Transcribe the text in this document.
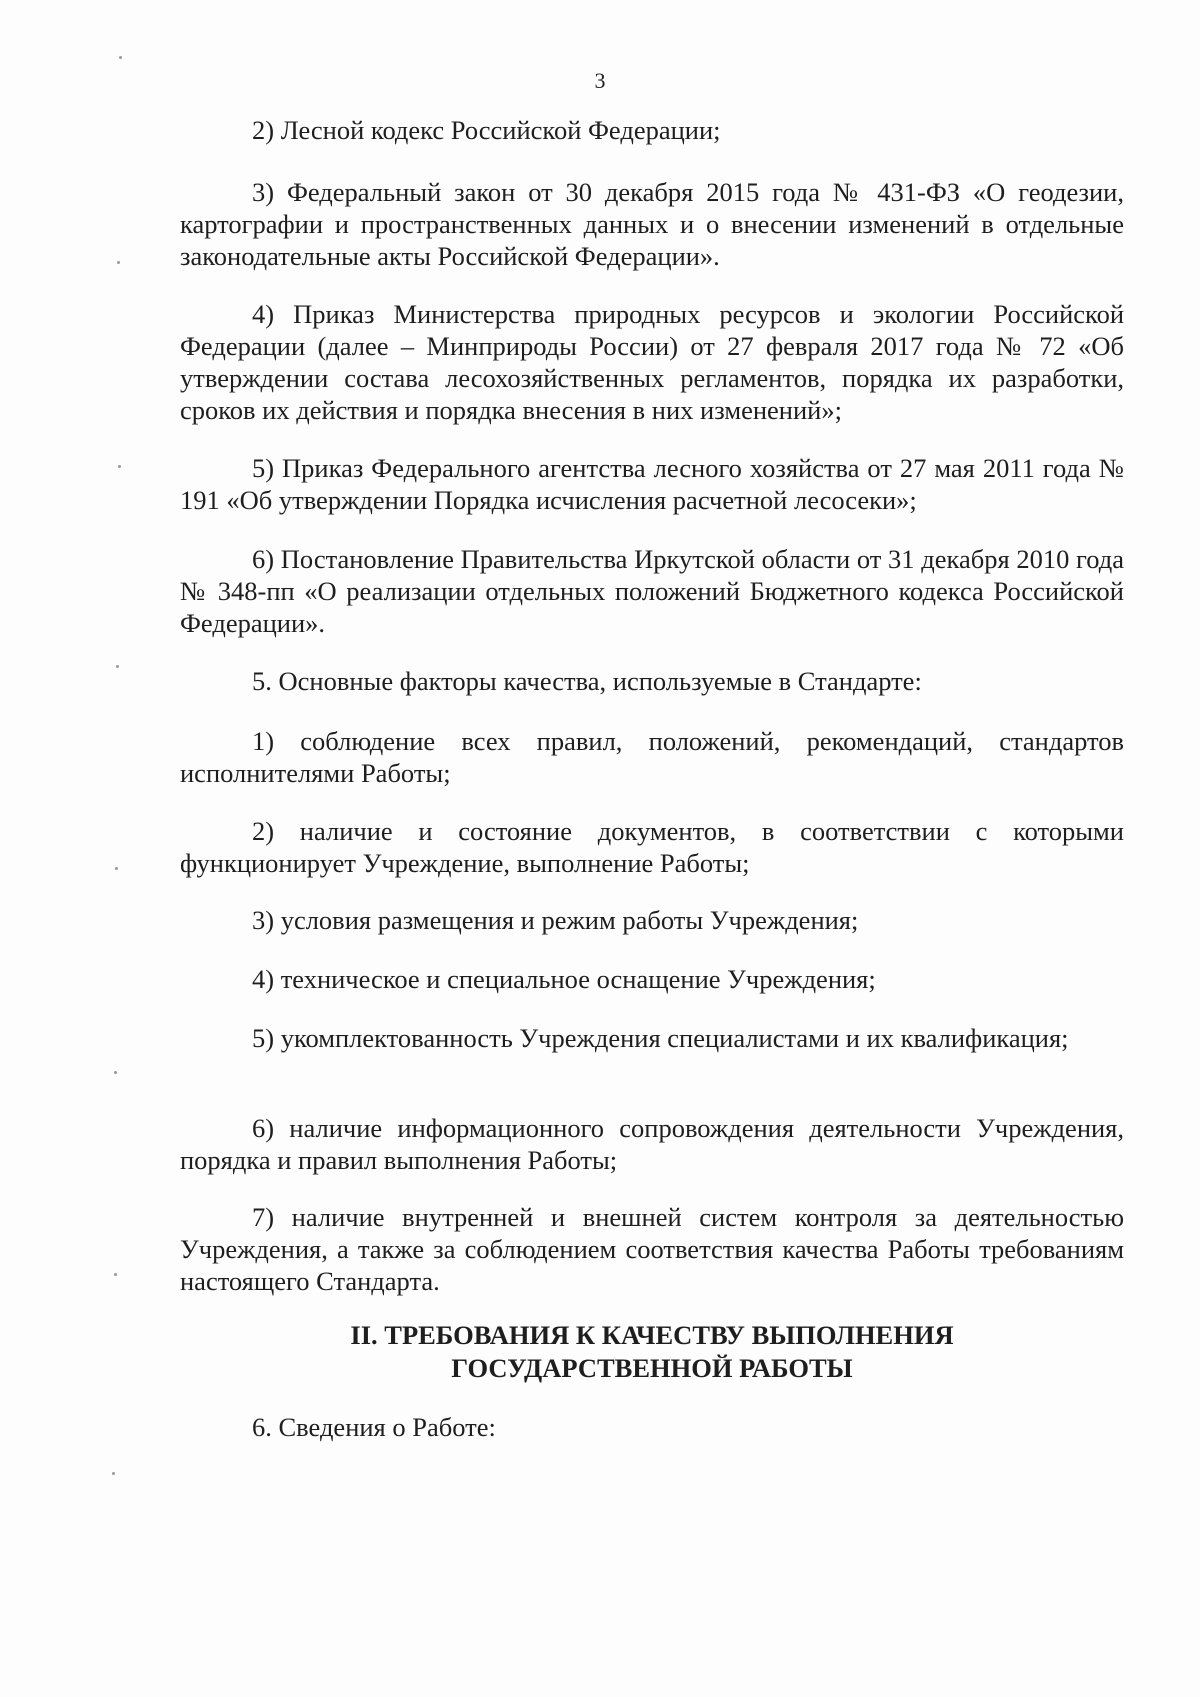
3

2) Лесной кодекс Российской Федерации;

3) Федеральный закон от 30 декабря 2015 года № 431-ФЗ «О геодезии, картографии и пространственных данных и о внесении изменений в отдельные законодательные акты Российской Федерации».

4) Приказ Министерства природных ресурсов и экологии Российской Федерации (далее – Минприроды России) от 27 февраля 2017 года № 72 «Об утверждении состава лесохозяйственных регламентов, порядка их разработки, сроков их действия и порядка внесения в них изменений»;

5) Приказ Федерального агентства лесного хозяйства от 27 мая 2011 года № 191 «Об утверждении Порядка исчисления расчетной лесосеки»;

6) Постановление Правительства Иркутской области от 31 декабря 2010 года № 348-пп «О реализации отдельных положений Бюджетного кодекса Российской Федерации».

5. Основные факторы качества, используемые в Стандарте:

1) соблюдение всех правил, положений, рекомендаций, стандартов исполнителями Работы;

2) наличие и состояние документов, в соответствии с которыми функционирует Учреждение, выполнение Работы;

3) условия размещения и режим работы Учреждения;

4) техническое и специальное оснащение Учреждения;

5) укомплектованность Учреждения специалистами и их квалификация;

6) наличие информационного сопровождения деятельности Учреждения, порядка и правил выполнения Работы;

7) наличие внутренней и внешней систем контроля за деятельностью Учреждения, а также за соблюдением соответствия качества Работы требованиям настоящего Стандарта.

II. ТРЕБОВАНИЯ К КАЧЕСТВУ ВЫПОЛНЕНИЯ
ГОСУДАРСТВЕННОЙ РАБОТЫ

6. Сведения о Работе:
